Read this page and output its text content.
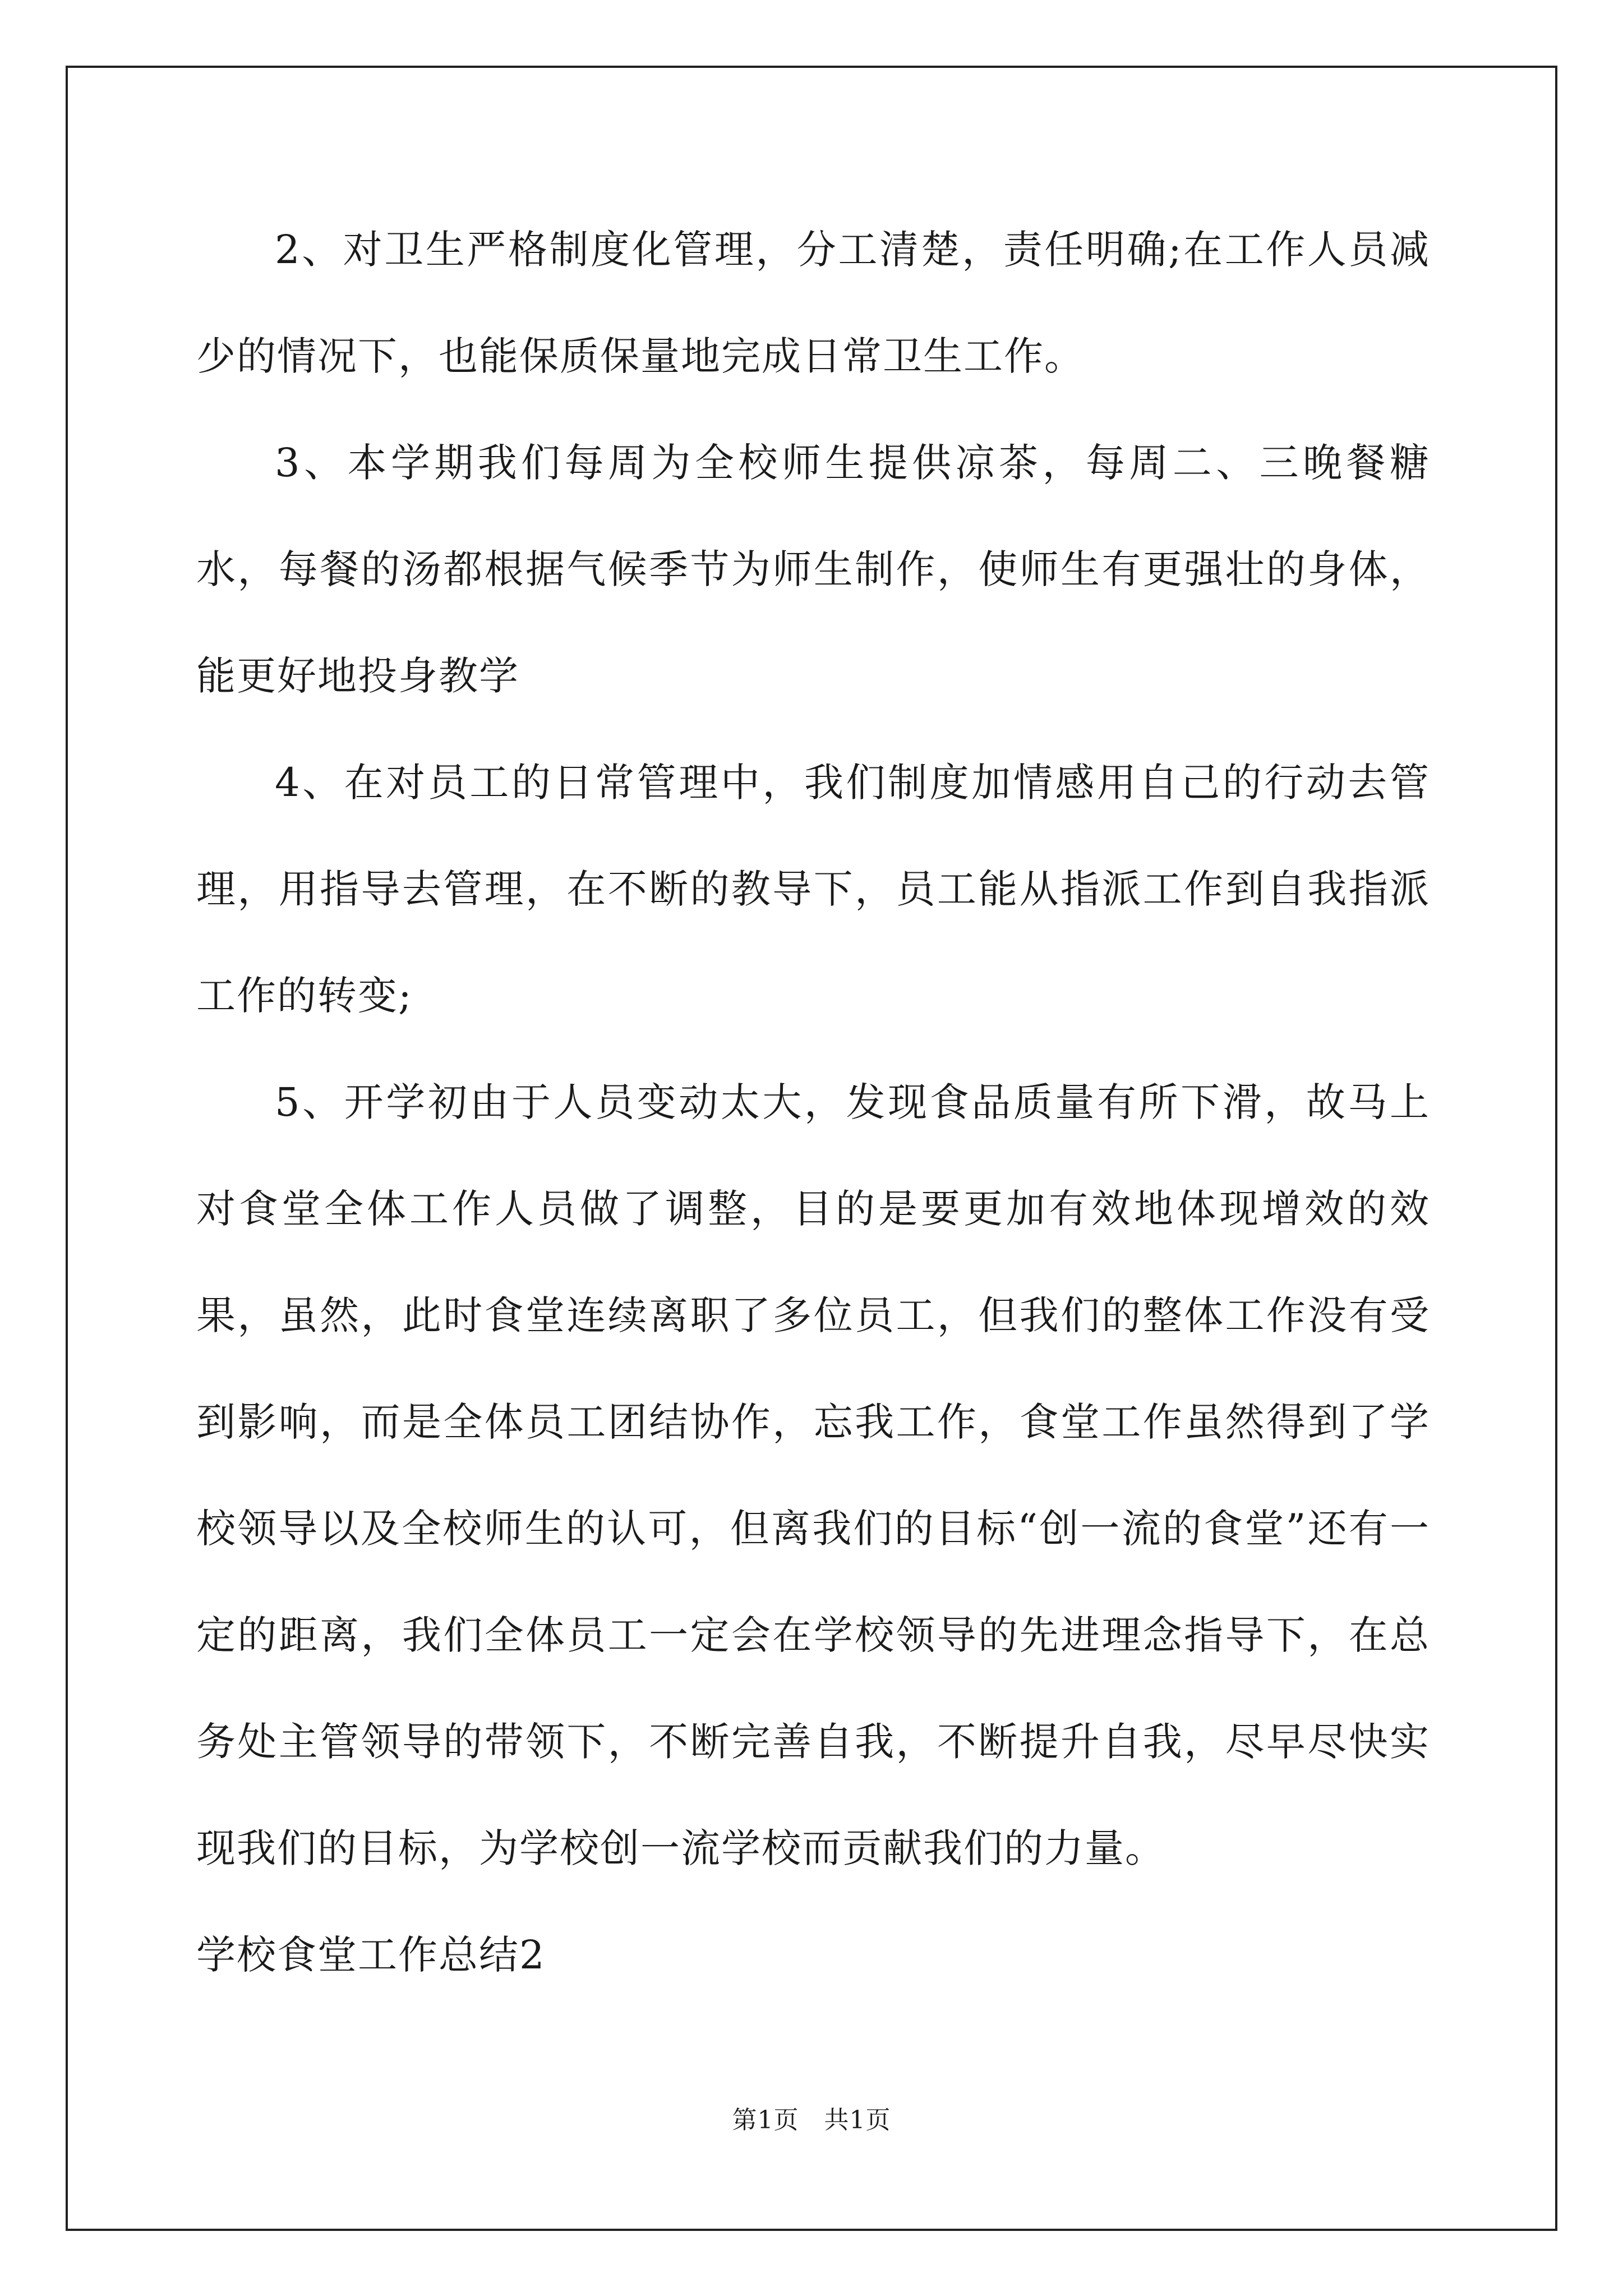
2、对卫生严格制度化管理，分工清楚，责任明确;在工作人员减少的情况下，也能保质保量地完成日常卫生工作。

3、本学期我们每周为全校师生提供凉茶，每周二、三晚餐糖水，每餐的汤都根据气候季节为师生制作，使师生有更强壮的身体，能更好地投身教学

4、在对员工的日常管理中，我们制度加情感用自己的行动去管理，用指导去管理，在不断的教导下，员工能从指派工作到自我指派工作的转变;

5、开学初由于人员变动太大，发现食品质量有所下滑，故马上对食堂全体工作人员做了调整，目的是要更加有效地体现增效的效果，虽然，此时食堂连续离职了多位员工，但我们的整体工作没有受到影响，而是全体员工团结协作，忘我工作，食堂工作虽然得到了学校领导以及全校师生的认可，但离我们的目标“创一流的食堂”还有一定的距离，我们全体员工一定会在学校领导的先进理念指导下，在总务处主管领导的带领下，不断完善自我，不断提升自我，尽早尽快实现我们的目标，为学校创一流学校而贡献我们的力量。

学校食堂工作总结2

第1页　共1页
